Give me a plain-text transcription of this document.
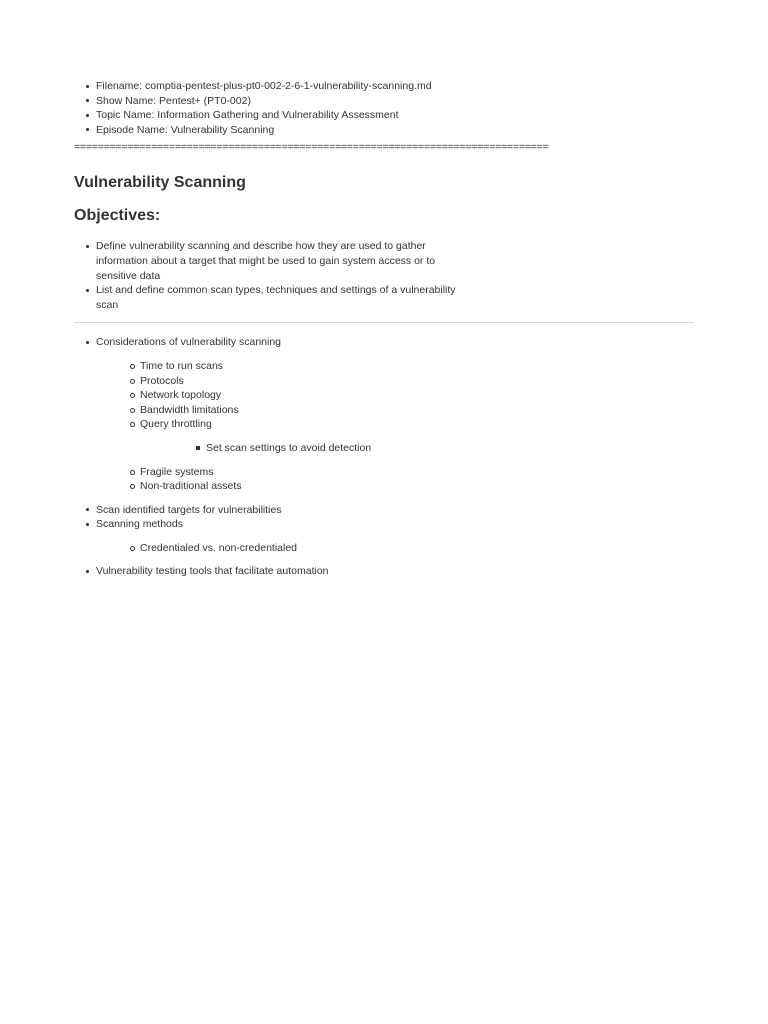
Filename: comptia-pentest-plus-pt0-002-2-6-1-vulnerability-scanning.md
Show Name: Pentest+ (PT0-002)
Topic Name: Information Gathering and Vulnerability Assessment
Episode Name: Vulnerability Scanning
================================================================================
Vulnerability Scanning
Objectives:
Define vulnerability scanning and describe how they are used to gather information about a target that might be used to gain system access or to sensitive data
List and define common scan types, techniques and settings of a vulnerability scan
Considerations of vulnerability scanning
Time to run scans
Protocols
Network topology
Bandwidth limitations
Query throttling
Set scan settings to avoid detection
Fragile systems
Non-traditional assets
Scan identified targets for vulnerabilities
Scanning methods
Credentialed vs. non-credentialed
Vulnerability testing tools that facilitate automation
